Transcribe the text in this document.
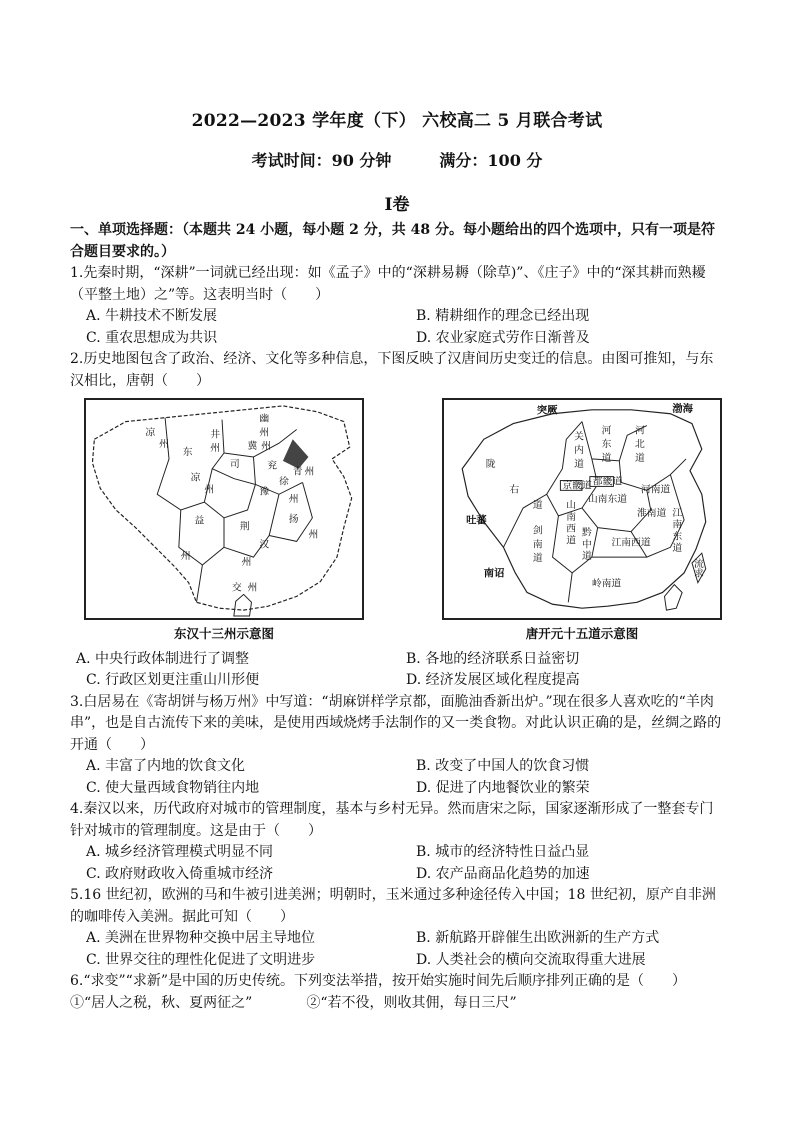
2022—2023 学年度（下） 六校高二 5 月联合考试
考试时间：90 分钟	满分：100 分
I卷
一、单项选择题：（本题共 24 小题，每小题 2 分，共 48 分。每小题给出的四个选项中，只有一项是符合题目要求的。）

1.先秦时期，“深耕”一词就已经出现：如《孟子》中的“深耕易耨（除草)”、《庄子》中的“深其耕而熟耰（平整土地）之”等。这表明当时（　　）

A. 牛耕技术不断发展	B. 精耕细作的理念已经出现
C. 重农思想成为共识	D. 农业家庭式劳作日渐普及

2.历史地图包含了政治、经济、文化等多种信息，下图反映了汉唐间历史变迁的信息。由图可推知，与东汉相比，唐朝（　　）

凉
州
东
井
州
幽
州
冀 州
司	兖
青 州
徐
豫
州
凉
州
益
荆
扬
州
汉
州
交 州
州
东汉十三州示意图
突厥	渤海
陇
右
道
关
内
道
河
东
道
河
北
道
京畿道 都畿道
吐蕃
山
南
西
道
山南东道
河南道
淮南道
剑
南
道
黔
中
道
江南西道
江
南
东
道
南诏
岭南道
流
求
唐开元十五道示意图
A. 中央行政体制进行了调整	B. 各地的经济联系日益密切
C. 行政区划更注重山川形便	D. 经济发展区域化程度提高

3.白居易在《寄胡饼与杨万州》中写道：“胡麻饼样学京都，面脆油香新出炉。”现在很多人喜欢吃的“羊肉串”，也是自古流传下来的美味，是使用西域烧烤手法制作的又一类食物。对此认识正确的是，丝绸之路的开通（　　）

A. 丰富了内地的饮食文化	B. 改变了中国人的饮食习惯
C. 使大量西域食物销往内地	D. 促进了内地餐饮业的繁荣

4.秦汉以来，历代政府对城市的管理制度，基本与乡村无异。然而唐宋之际，国家逐渐形成了一整套专门针对城市的管理制度。这是由于（　　）

A. 城乡经济管理模式明显不同	B. 城市的经济特性日益凸显
C. 政府财政收入倚重城市经济	D. 农产品商品化趋势的加速

5.16 世纪初，欧洲的马和牛被引进美洲；明朝时，玉米通过多种途径传入中国；18 世纪初，原产自非洲的咖啡传入美洲。据此可知（　　）

A. 美洲在世界物种交换中居主导地位	B. 新航路开辟催生出欧洲新的生产方式
C. 世界交往的理性化促进了文明进步	D. 人类社会的横向交流取得重大进展

6.“求变”“求新”是中国的历史传统。下列变法举措，按开始实施时间先后顺序排列正确的是（　　）

①“居人之税，秋、夏两征之”	②“若不役，则收其佣，每日三尺”
